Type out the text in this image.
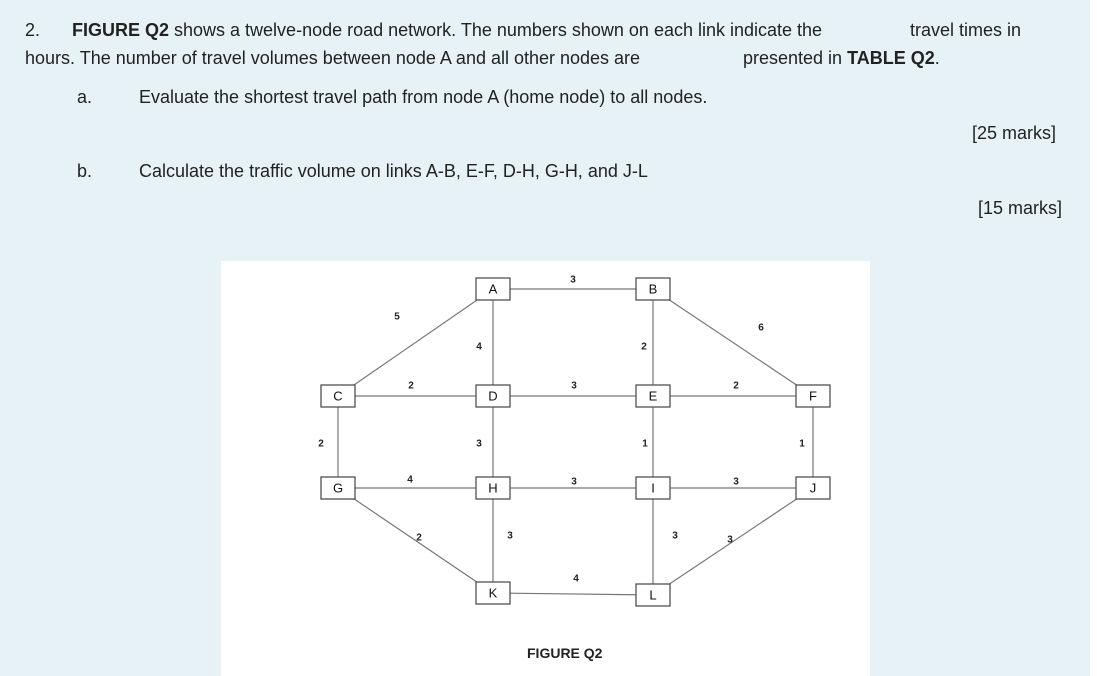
2. FIGURE Q2 shows a twelve-node road network. The numbers shown on each link indicate the	travel times in
hours. The number of travel volumes between node A and all other nodes are	presented in TABLE Q2.
a.	Evaluate the shortest travel path from node A (home node) to all nodes.
[25 marks]
b.	Calculate the traffic volume on links A-B, E-F, D-H, G-H, and J-L
[15 marks]
3
5
6
4	2
2	3	2
2	3	1	1
4	3	3
2	3	3	3
4
A	B
C	D	E	F
G	H	I	J
K	L
FIGURE Q2
